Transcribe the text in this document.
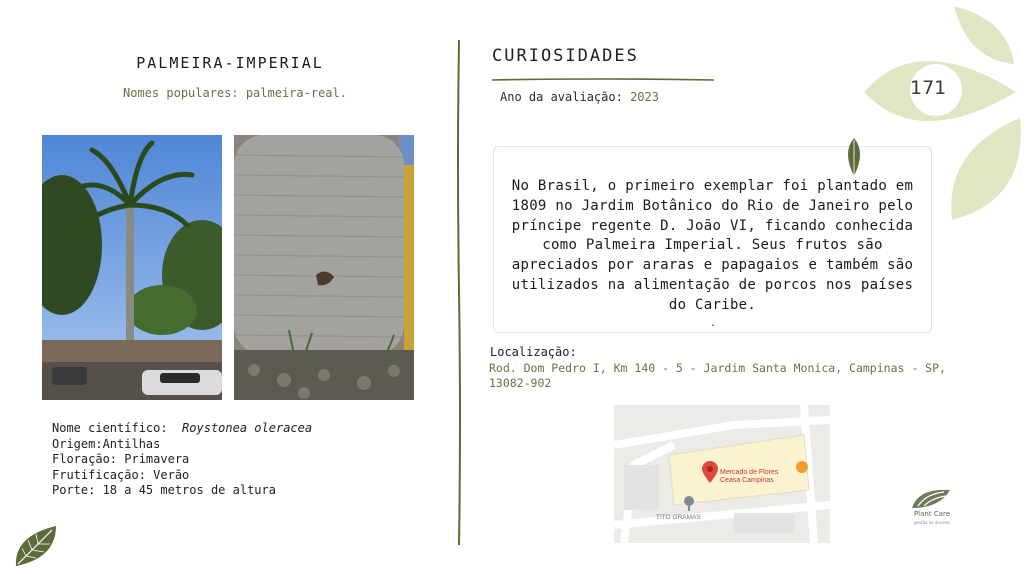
PALMEIRA-IMPERIAL
Nomes populares: palmeira-real.
Nome científico: Roystonea oleracea
Origem:Antilhas
Floração: Primavera
Frutificação: Verão
Porte: 18 a 45 metros de altura
CURIOSIDADES
Ano da avaliação: 2023

No Brasil, o primeiro exemplar foi plantado em 1809 no Jardim Botânico do Rio de Janeiro pelo príncipe regente D. João VI, ficando conhecida como Palmeira Imperial. Seus frutos são apreciados por araras e papagaios e também são utilizados na alimentação de porcos nos países do Caribe.

.
Localização:
Rod. Dom Pedro I, Km 140 - 5 - Jardim Santa Monica, Campinas - SP, 13082-902
Mercado de Flores
Ceasa Campinas
TITO GRAMAS
171
Plant Care
gestão de árvores
